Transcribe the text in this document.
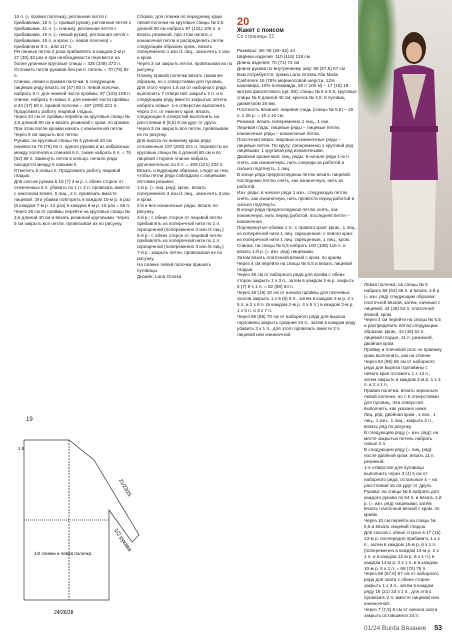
15 п. (= правая полочка), регланная петля с прибавками, 16 п. (= правый рукав), регланная петля с прибавками, 41 п. (= спинка), регланная петля с прибавками, 16 п. (= левый рукав), регланная петля с прибавками, 15 п. и кром. (= левая полочка) = прибавлено 8 п., или 117 п.
Регланные петли 2 раза прибавлять в каждом 2-м р. 27 (30) 33 раз и при необходимости перевести на более длинные круговые спицы = 325 (349) 373 п.
Отложить петли рукавов без регл. петель = 70 (76) 82 п.
Спинка, левая и правая полочки: в следующем лицевом ряду вязать 44 (47) 50 п. левой полочки, набрать 6 п. для нижней части проймы, 97 (103) 109 п. спинки, набрать 6 новых п. для нижней части проймы и 44 (47) 50 п. правой полочки = 197 (209) 221 п.
Продолжить работу лицевой гладью.
Через 24 см от проймы перейти на круговые спицы № 3,5 длиной 80 см и вязать резинкой с кром. по кромке. При этом после кромки начать с изнаночной петли.
Через 5 см закрыть все петли.
Рукава: на круговые спицы № 4 длиной 40 см перевести 70 (76) 82 п. одного рукава и из набранных между полочкой и спинкой 6 п. также набрать 6 п. = 76 (82) 88 п. Замкнуть петли в кольцо, начало ряда находится между 6 новыми п.
Отметить 6 новых п. Продолжить работу лицевой гладью.
Для скосов рукава в 10 (7) 3-м р. с обеих сторон от отмеченных 6 п. убавить по 1 п. 2 п. провязать вместе с наклоном влево, 6 лиц., 2 п. провязать вместе лицевой. Эти убавки повторять в каждом 10-м р. 9 раз (в каждом 7-м р. 12 раз) в каждом 6-м р. 15 раз = 56 п.
Через 36 см от проймы перейти на круговые спицы № 3,5 длиной 40 см и вязать резинкой круговыми. Через 5 см закрыть все петли, провязывая их по рисунку.
Сборка: для планки по переднему краю левой полочки на круговые спицы № 3,5 длиной 80 см набрать 97 (101) 105 п. и вязать резинкой, при этом начать с изнаночной петли и распределить петли следующим образом: кром., вязать попеременно 1 изн./1 лиц., закончить 1 изн. и кром.
Через 3 см закрыть петли, провязывая их по рисунку.
Планку правой полочки вязать таким же образом, но с отверстиями для пуговиц.
Для этого через 1,5 см от наборного ряда выполнить 7 отверстий: закрыть 2 п. и в следующем ряду вместо закрытых петель набрать новые. 1-е отверстие выполнить через 2 п. от нижнего края, вязать, следующие 6 отверстий выполнить на расстоянии 8 (8,5) 9 см друг от друга.
Через 3 см закрыть все петли, провязывая их по рисунку.
Для ворота по нижнему краю ряда отложенные 197 (209) 221 п. перевести на круговые спицы № 4 длиной 80 см и по лицевой стороне планок набрать дополнительно по 6 п. = 209 (221) 233 п. Вязать следующим образом, следя за тем, чтобы петли ряда совпадали с лицевыми петлями резинки:
1-й р. (= лиц. ряд): кром., вязать попеременно 3 изн./1 лиц., закончить 3 изн. и кром.
2-й и все изнаночные ряды: вязать по рисунку.
3-й р.: с обеих сторон от лицевой петли прибавлять из поперечной нити по 1 п. скрещенной (попеременно 3 изн./3 лиц.)
5-й р.: с обеих сторон от лицевой петли прибавлять из поперечной нити по 1 п. скрещенной (попеременно 3 изн./5 лиц.)
7-й р.: закрыть петли, провязывая их по рисунку.
На планке левой полочки пришить пуговицы.
Дизайн: Lana Grossa
20
Жакет с поясом
Со страницы 22
Размеры: 36–38 (40–42) 44
Ширина изделия: 110 (118) 126 см
Длина изделия: 70 (71) 72 см
Длина рукава по внутреннему шву: 58 (57,5) 57 см
Вам потребуется: пряжа Lana Grossa Alta Moda Cashmere 16 (78% мериносовой шерсти, 12% кашемира, 10% полиамида, 50 г/ 100 м) – 17 (18) 19 мотков фиолетового (цв. 60); спицы № 5 и 5,5; круговые спицы № 5 длиной 40 см; крючок № 4,5; 5 пуговиц диаметром 26 мм.
Плотность вязания: лицевая гладь (спицы № 5,5) – 18 п. x 26 р. = 10 x 10 см.
Резинка: вязать попеременно 1 лиц., 1 изн.
Лицевая гладь: лицевые ряды – лицевые петли, изнаночные ряды – изнаночные петли.
Платочная вязка: лицевые и изнаночные ряды – лицевые петли. По кругу: попеременно 1 круговой ряд лицевыми, 1 круговой ряд изнаночными.
Двойная кромочная: лиц. ряды: в начале ряда 1-ю п. снять, как изнаночную, нить спереди за работой и сильно подтянуть, 1 лиц.
В конце ряда предпоследнюю петлю вязать лицевой, последнюю петлю снять, как изнаночную, нить за работой.
Изн. ряды: в начале ряда 1 изн., следующую петлю снять, как изнаночную, нить провести перед работой и сильно подтянуть.
В конце ряда предпоследнюю петлю снять, как изнаночную, нить перед работой, последняя петля – изнаночная.
Подчеркнутые убавки 1 п.: с правого края: кром., 1 лиц., из поперечной нити 1 лиц. скрещенная; с левого края: из поперечной нити 1 лиц. скрещенная, 1 лиц., кром.
Спинка: на спицы № 5,5 набрать 100 (108) 116 п. и вязать 1-й р. (= изн. ряд) лицевыми.
Затем вязать платочной вязкой с кром. по краям.
Через 4 см перейти на спицы № 5,5 и вязать лицевой гладью.
Через 48 см от наборного ряда для пройм с обеих сторон закрыть 1 x 3 п., затем в каждом 2-м р. закрыть 6 (7) 8 x 1 п. = 82 (88) 94 п.
Через 18 (19) 20 см от начала проймы для плечевых скосов закрыть 1 x 5 (6) 6 п., затем в каждом 2-м р. 2 x 5 п. и 2 x 6 п. (в каждом 2-м р. 4 x 6 п.) в каждом 2-м р. 1 x 6 п. и 3 x 7 п.
Через 68 (69) 70 см от наборного ряда для выреза горловины закрыть средние 22 п., затем в каждом ряду убавить 3 x 1 п., для этого провязать вместе 2 п. лицевой или изнаночной.
Левая полочка: на спицы № 5 набрать 58 (62) 66 п. и вязать 1-й р. (= изн. ряд) следующим образом: платочной вязкой, затем, начиная с лицевой, 44 (48) 52 п. платочной вязкой, кром.
Через 4 см перейти на спицы № 5,5 и распределить петли следующим образом: кром., 44 (48) 52 п. лицевой гладью, 11 п. резинкой, двойная кром.
Пройму и плечевой скос по правому краю выполнить, как на спинке.
Через 64 (65) 66 см от наборного ряда для выреза горловины с левого края отложить 1 x 13 п., затем закрыть в каждом 2-м р. 1 x 3 п. и 2 x 1 п.
Правая полочка: вязать зеркально левой полочке, но с 5 отверстиями для пуговиц. Эти отверстия выполнить, как указано ниже.
Лиц. ряд: двойная кром., 1 изн., 1 лиц., 1 изн., 1 лиц., закрыть 2 п., вязать ряд по рисунку.
В следующем ряду (= изн. ряд): на месте закрытых петель набрать новые 2 п.
В следующем ряду (= лиц. ряд): после двойной кром. вязать 11 п. резинкой.
1-е отверстие для пуговицы выполнить через 3 (4) 6 см от наборного ряда, остальные 4 – на расстоянии 15 см друг от друга.
Рукава: на спицы № 5 набрать для каждого рукава по 54 п. и вязать 1-й р. (= изн. ряд) лицевыми, затем вязать платочной вязкой с кром. по краям.
Через 10 см перейти на спицы № 5,5 и вязать лицевой гладью.
Для скосов с обеих сторон в 17 (15) 13-м р. поочередно прибавить 1 x 1 п., затем в каждом 16-м р. 6 x 1 п. (попеременно в каждом 14-м р. 2 x 1 п. и в каждом 12-м р. 6 x 1 п.) в каждом 12-м р. 2 x 1 п. и в каждом 10-м р. 6 x 1 п. = 68 (72) 76 п.
Через 58 (57,5) 57 см от наборного ряда для оката с обеих сторон закрыть 1 x 3 п., затем в каждом ряду 19 (21) 23 x 1 п., для этого провязать 2 п. вместе лицевой или изнаночной.
Через 7 (7,5) 8 см от начала оката закрыть оставшиеся 24 п.
19
21/23/25
1/2 рукава
1/2 спинки и левая полочка
24/26/28
1,5
01/24 Burda Вязание 53
